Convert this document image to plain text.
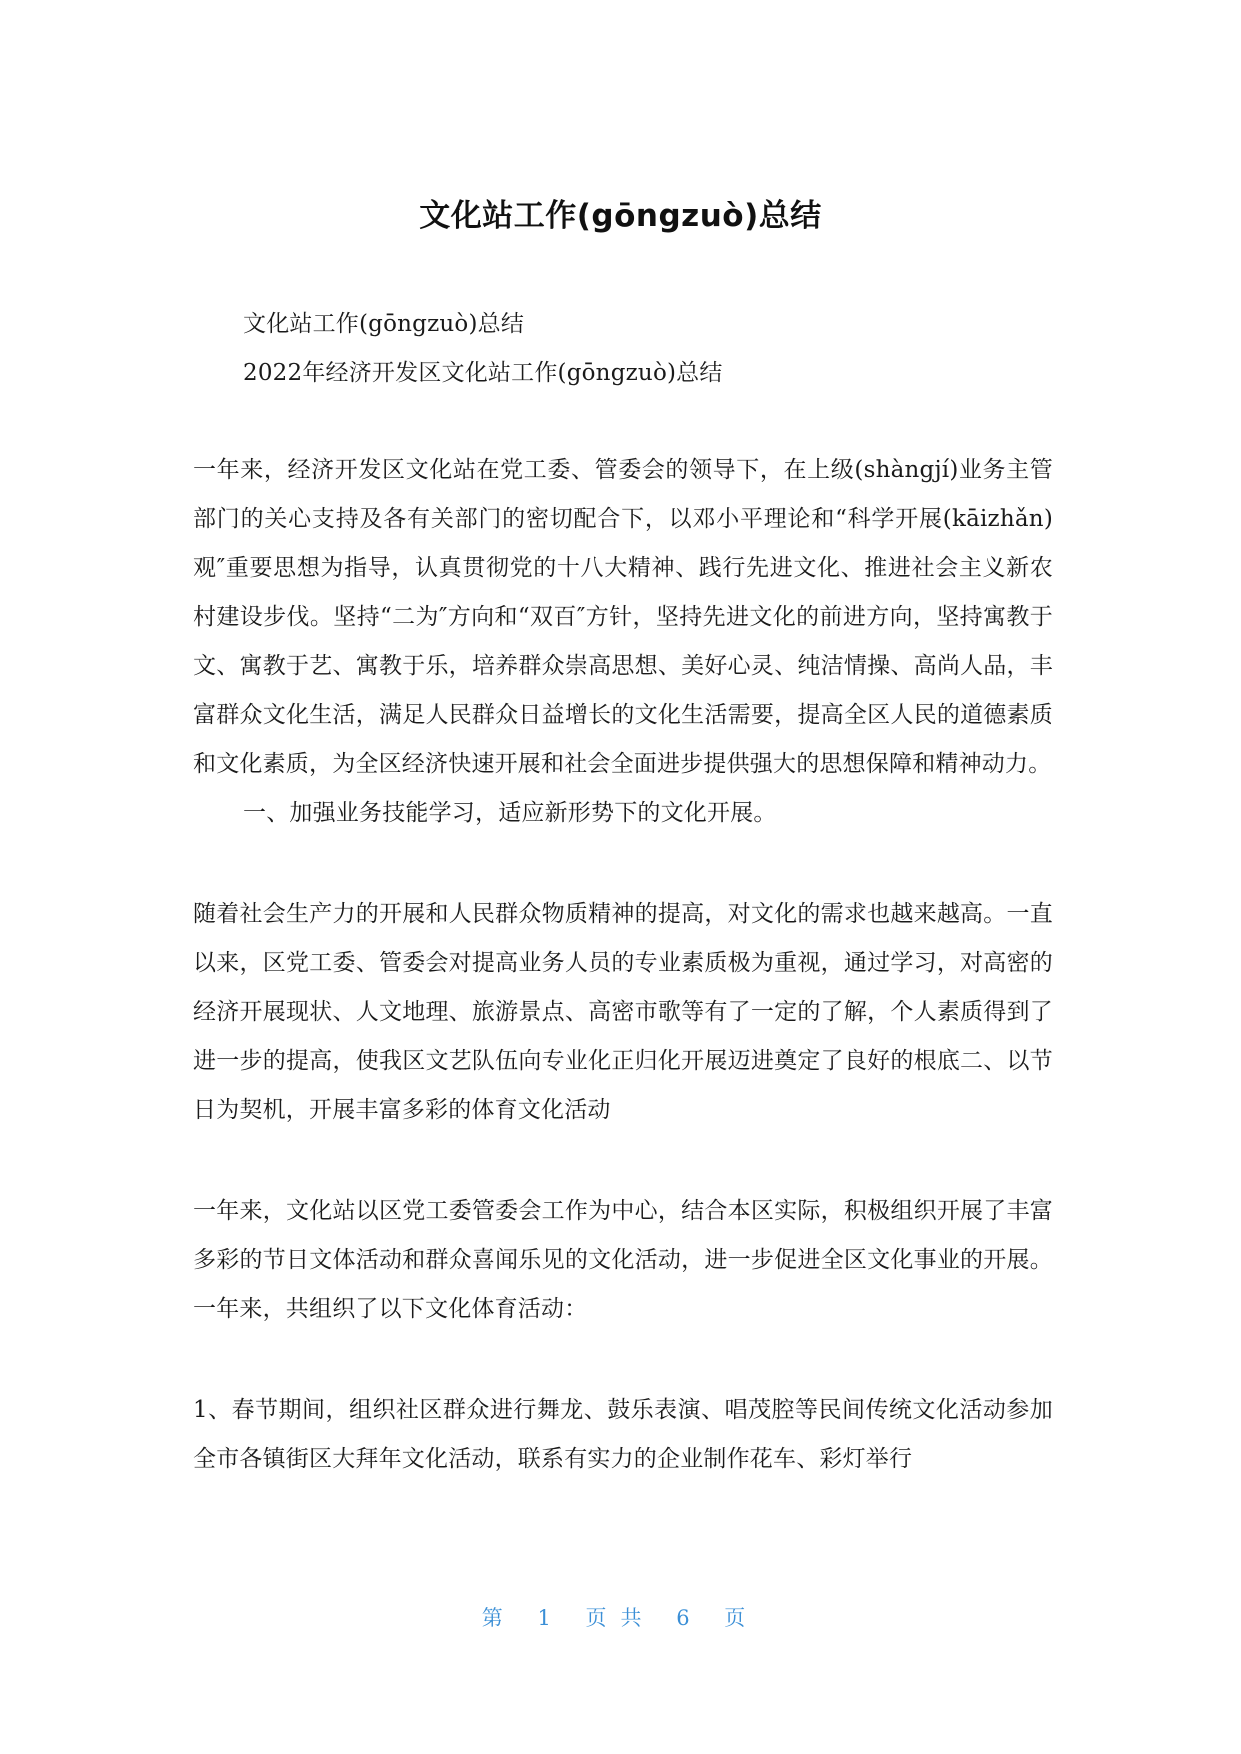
文化站工作(gōngzuò)总结
文化站工作(gōngzuò)总结
2022年经济开发区文化站工作(gōngzuò)总结
一年来，经济开发区文化站在党工委、管委会的领导下，在上级(shàngjí)业务主管部门的关心支持及各有关部门的密切配合下，以邓小平理论和“科学开展(kāizhǎn)观″重要思想为指导，认真贯彻党的十八大精神、践行先进文化、推进社会主义新农村建设步伐。坚持“二为″方向和“双百″方针，坚持先进文化的前进方向，坚持寓教于文、寓教于艺、寓教于乐，培养群众崇高思想、美好心灵、纯洁情操、高尚人品，丰富群众文化生活，满足人民群众日益增长的文化生活需要，提高全区人民的道德素质和文化素质，为全区经济快速开展和社会全面进步提供强大的思想保障和精神动力。
一、加强业务技能学习，适应新形势下的文化开展。
随着社会生产力的开展和人民群众物质精神的提高，对文化的需求也越来越高。一直以来，区党工委、管委会对提高业务人员的专业素质极为重视，通过学习，对高密的经济开展现状、人文地理、旅游景点、高密市歌等有了一定的了解，个人素质得到了进一步的提高，使我区文艺队伍向专业化正归化开展迈进奠定了良好的根底二、以节日为契机，开展丰富多彩的体育文化活动
一年来，文化站以区党工委管委会工作为中心，结合本区实际，积极组织开展了丰富多彩的节日文体活动和群众喜闻乐见的文化活动，进一步促进全区文化事业的开展。一年来，共组织了以下文化体育活动：
1、春节期间，组织社区群众进行舞龙、鼓乐表演、唱茂腔等民间传统文化活动参加全市各镇街区大拜年文化活动，联系有实力的企业制作花车、彩灯举行
第 1 页共 6 页
